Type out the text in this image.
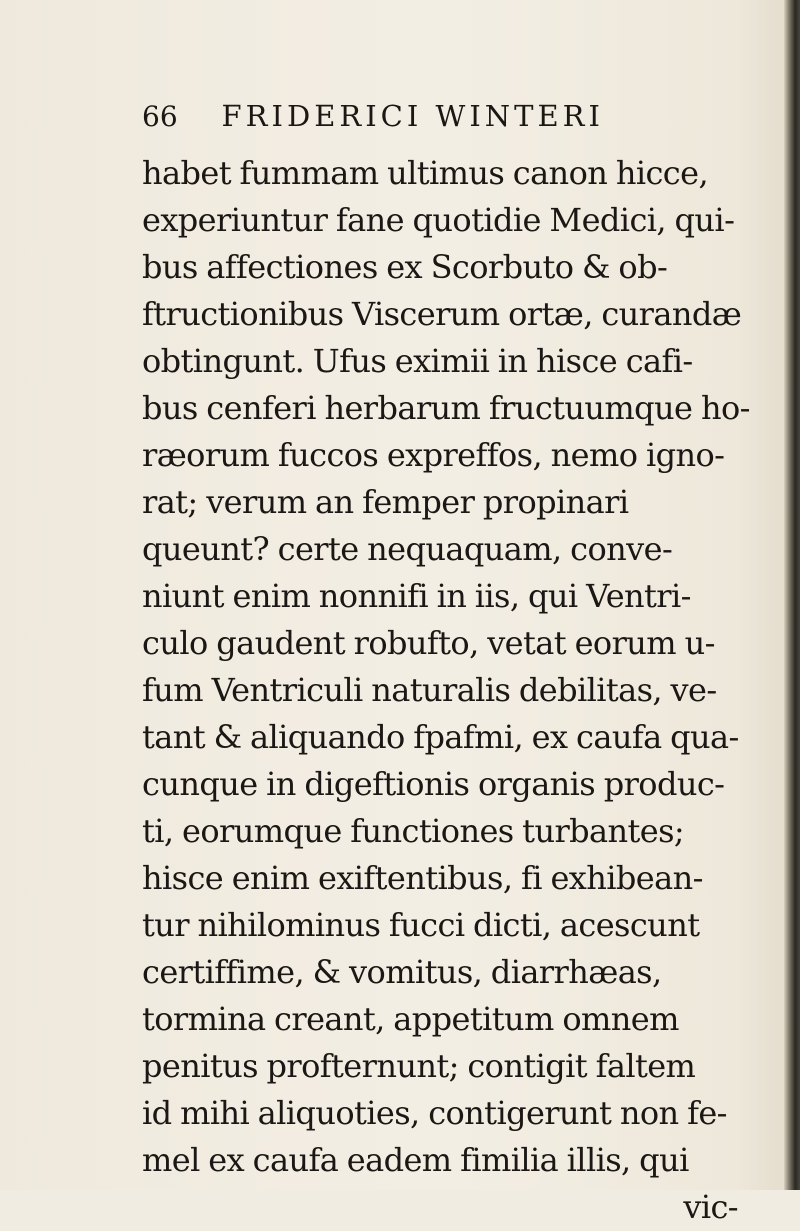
66 FRIDERICI WINTERI
habet fummam ultimus canon hicce,
experiuntur fane quotidie Medici, qui-
bus affectiones ex Scorbuto & ob-
ftructionibus Viscerum ortæ, curandæ
obtingunt. Ufus eximii in hisce cafi-
bus cenferi herbarum fructuumque ho-
ræorum fuccos expreffos, nemo igno-
rat; verum an femper propinari
queunt? certe nequaquam, conve-
niunt enim nonnifi in iis, qui Ventri-
culo gaudent robufto, vetat eorum u-
fum Ventriculi naturalis debilitas, ve-
tant & aliquando fpafmi, ex caufa qua-
cunque in digeftionis organis produc-
ti, eorumque functiones turbantes;
hisce enim exiftentibus, fi exhibean-
tur nihilominus fucci dicti, acescunt
certiffime, & vomitus, diarrhæas,
tormina creant, appetitum omnem
penitus profternunt; contigit faltem
id mihi aliquoties, contigerunt non fe-
mel ex caufa eadem fimilia illis, qui
vic-
